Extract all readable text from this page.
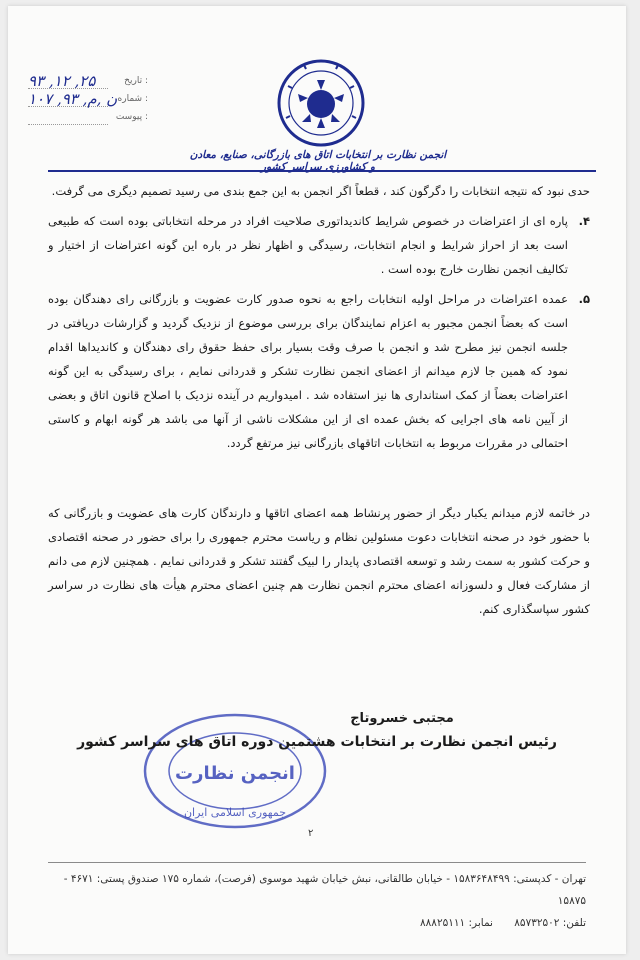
۹۳ ,۱۲ ,۲۵	تاریخ :
۱۰۷ ,۹۳ ,ن ,م شماره :
پیوست :
انجمن نظارت بر انتخابات اتاق های بازرگانی، صنایع، معادن و کشاورزی سراسر کشور

حدی نبود که نتیجه انتخابات را دگرگون کند ، قطعاً اگر انجمن به این جمع بندی می رسید تصمیم دیگری می گرفت.

۴.
پاره ای از اعتراضات در خصوص شرایط کاندیداتوری صلاحیت افراد در مرحله انتخاباتی بوده است که طبیعی است بعد از احراز شرایط و انجام انتخابات، رسیدگی و اظهار نظر در باره این گونه اعتراضات از اختیار و تکالیف انجمن نظارت خارج بوده است .

۵.
عمده اعتراضات در مراحل اولیه انتخابات راجع به نحوه صدور کارت عضویت و بازرگانی رای دهندگان بوده است که بعضاً انجمن مجبور به اعزام نمایندگان برای بررسی موضوع از نزدیک گردید و گزارشات دریافتی در جلسه انجمن نیز مطرح شد و انجمن با صرف وقت بسیار برای حفظ حقوق رای دهندگان و کاندیداها اقدام نمود که همین جا لازم میدانم از اعضای انجمن نظارت تشکر و قدردانی نمایم ، برای رسیدگی به این گونه اعتراضات بعضاً از کمک استانداری ها نیز استفاده شد . امیدواریم در آینده نزدیک با اصلاح قانون اتاق و بعضی از آیین نامه های اجرایی که بخش عمده ای از این مشکلات ناشی از آنها می باشد هر گونه ابهام و کاستی احتمالی در مقررات مربوط به انتخابات اتاقهای بازرگانی نیز مرتفع گردد.

در خاتمه لازم میدانم یکبار دیگر از حضور پرنشاط همه اعضای اتاقها و دارندگان کارت های عضویت و بازرگانی که با حضور خود در صحنه انتخابات دعوت مسئولین نظام و ریاست محترم جمهوری را برای حضور در صحنه اقتصادی و حرکت کشور به سمت رشد و توسعه اقتصادی پایدار را لبیک گفتند تشکر و قدردانی نمایم . همچنین لازم می دانم از مشارکت فعال و دلسوزانه اعضای محترم انجمن نظارت هم چنین اعضای محترم هیأت های نظارت در سراسر کشور سپاسگذاری کنم.

انجمن نظارت
جمهوری اسلامی ایران
مجتبی خسروتاج
رئیس انجمن نظارت بر انتخابات هشتمین دوره اتاق های سراسر کشور
۲
تهران - کدپستی: ۱۵۸۳۶۴۸۴۹۹ - خیابان طالقانی، نبش خیابان شهید موسوی (فرصت)، شماره ۱۷۵ صندوق پستی: ۴۶۷۱ - ۱۵۸۷۵
تلفن: ۸۵۷۳۲۵۰۲ نمابر: ۸۸۸۲۵۱۱۱
